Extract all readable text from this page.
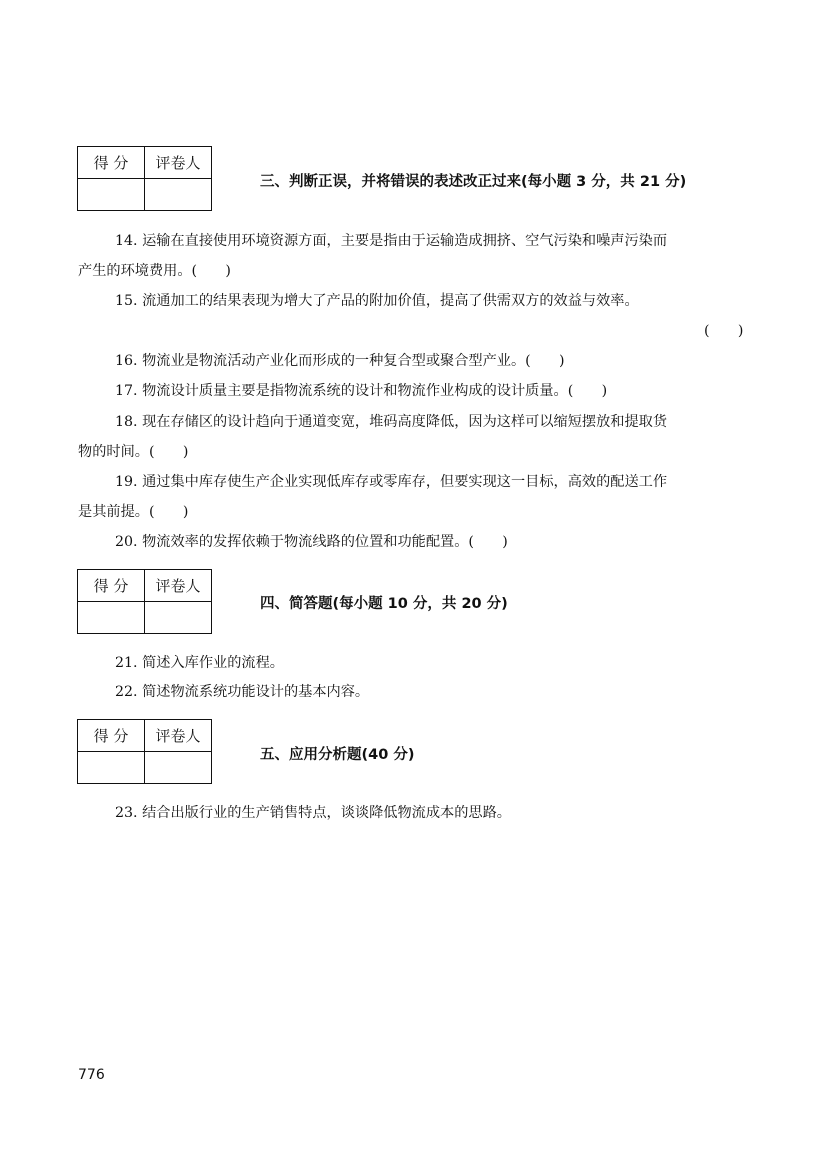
得 分	评卷人

三、判断正误，并将错误的表述改正过来(每小题 3 分，共 21 分)
14. 运输在直接使用环境资源方面，主要是指由于运输造成拥挤、空气污染和噪声污染而
产生的环境费用。(　　)
15. 流通加工的结果表现为增大了产品的附加价值，提高了供需双方的效益与效率。
(　　)
16. 物流业是物流活动产业化而形成的一种复合型或聚合型产业。(　　)
17. 物流设计质量主要是指物流系统的设计和物流作业构成的设计质量。(　　)
18. 现在存储区的设计趋向于通道变宽，堆码高度降低，因为这样可以缩短摆放和提取货
物的时间。(　　)
19. 通过集中库存使生产企业实现低库存或零库存，但要实现这一目标，高效的配送工作
是其前提。(　　)
20. 物流效率的发挥依赖于物流线路的位置和功能配置。(　　)
得 分	评卷人

四、简答题(每小题 10 分，共 20 分)
21. 简述入库作业的流程。
22. 简述物流系统功能设计的基本内容。
得 分	评卷人

五、应用分析题(40 分)
23. 结合出版行业的生产销售特点，谈谈降低物流成本的思路。
776
